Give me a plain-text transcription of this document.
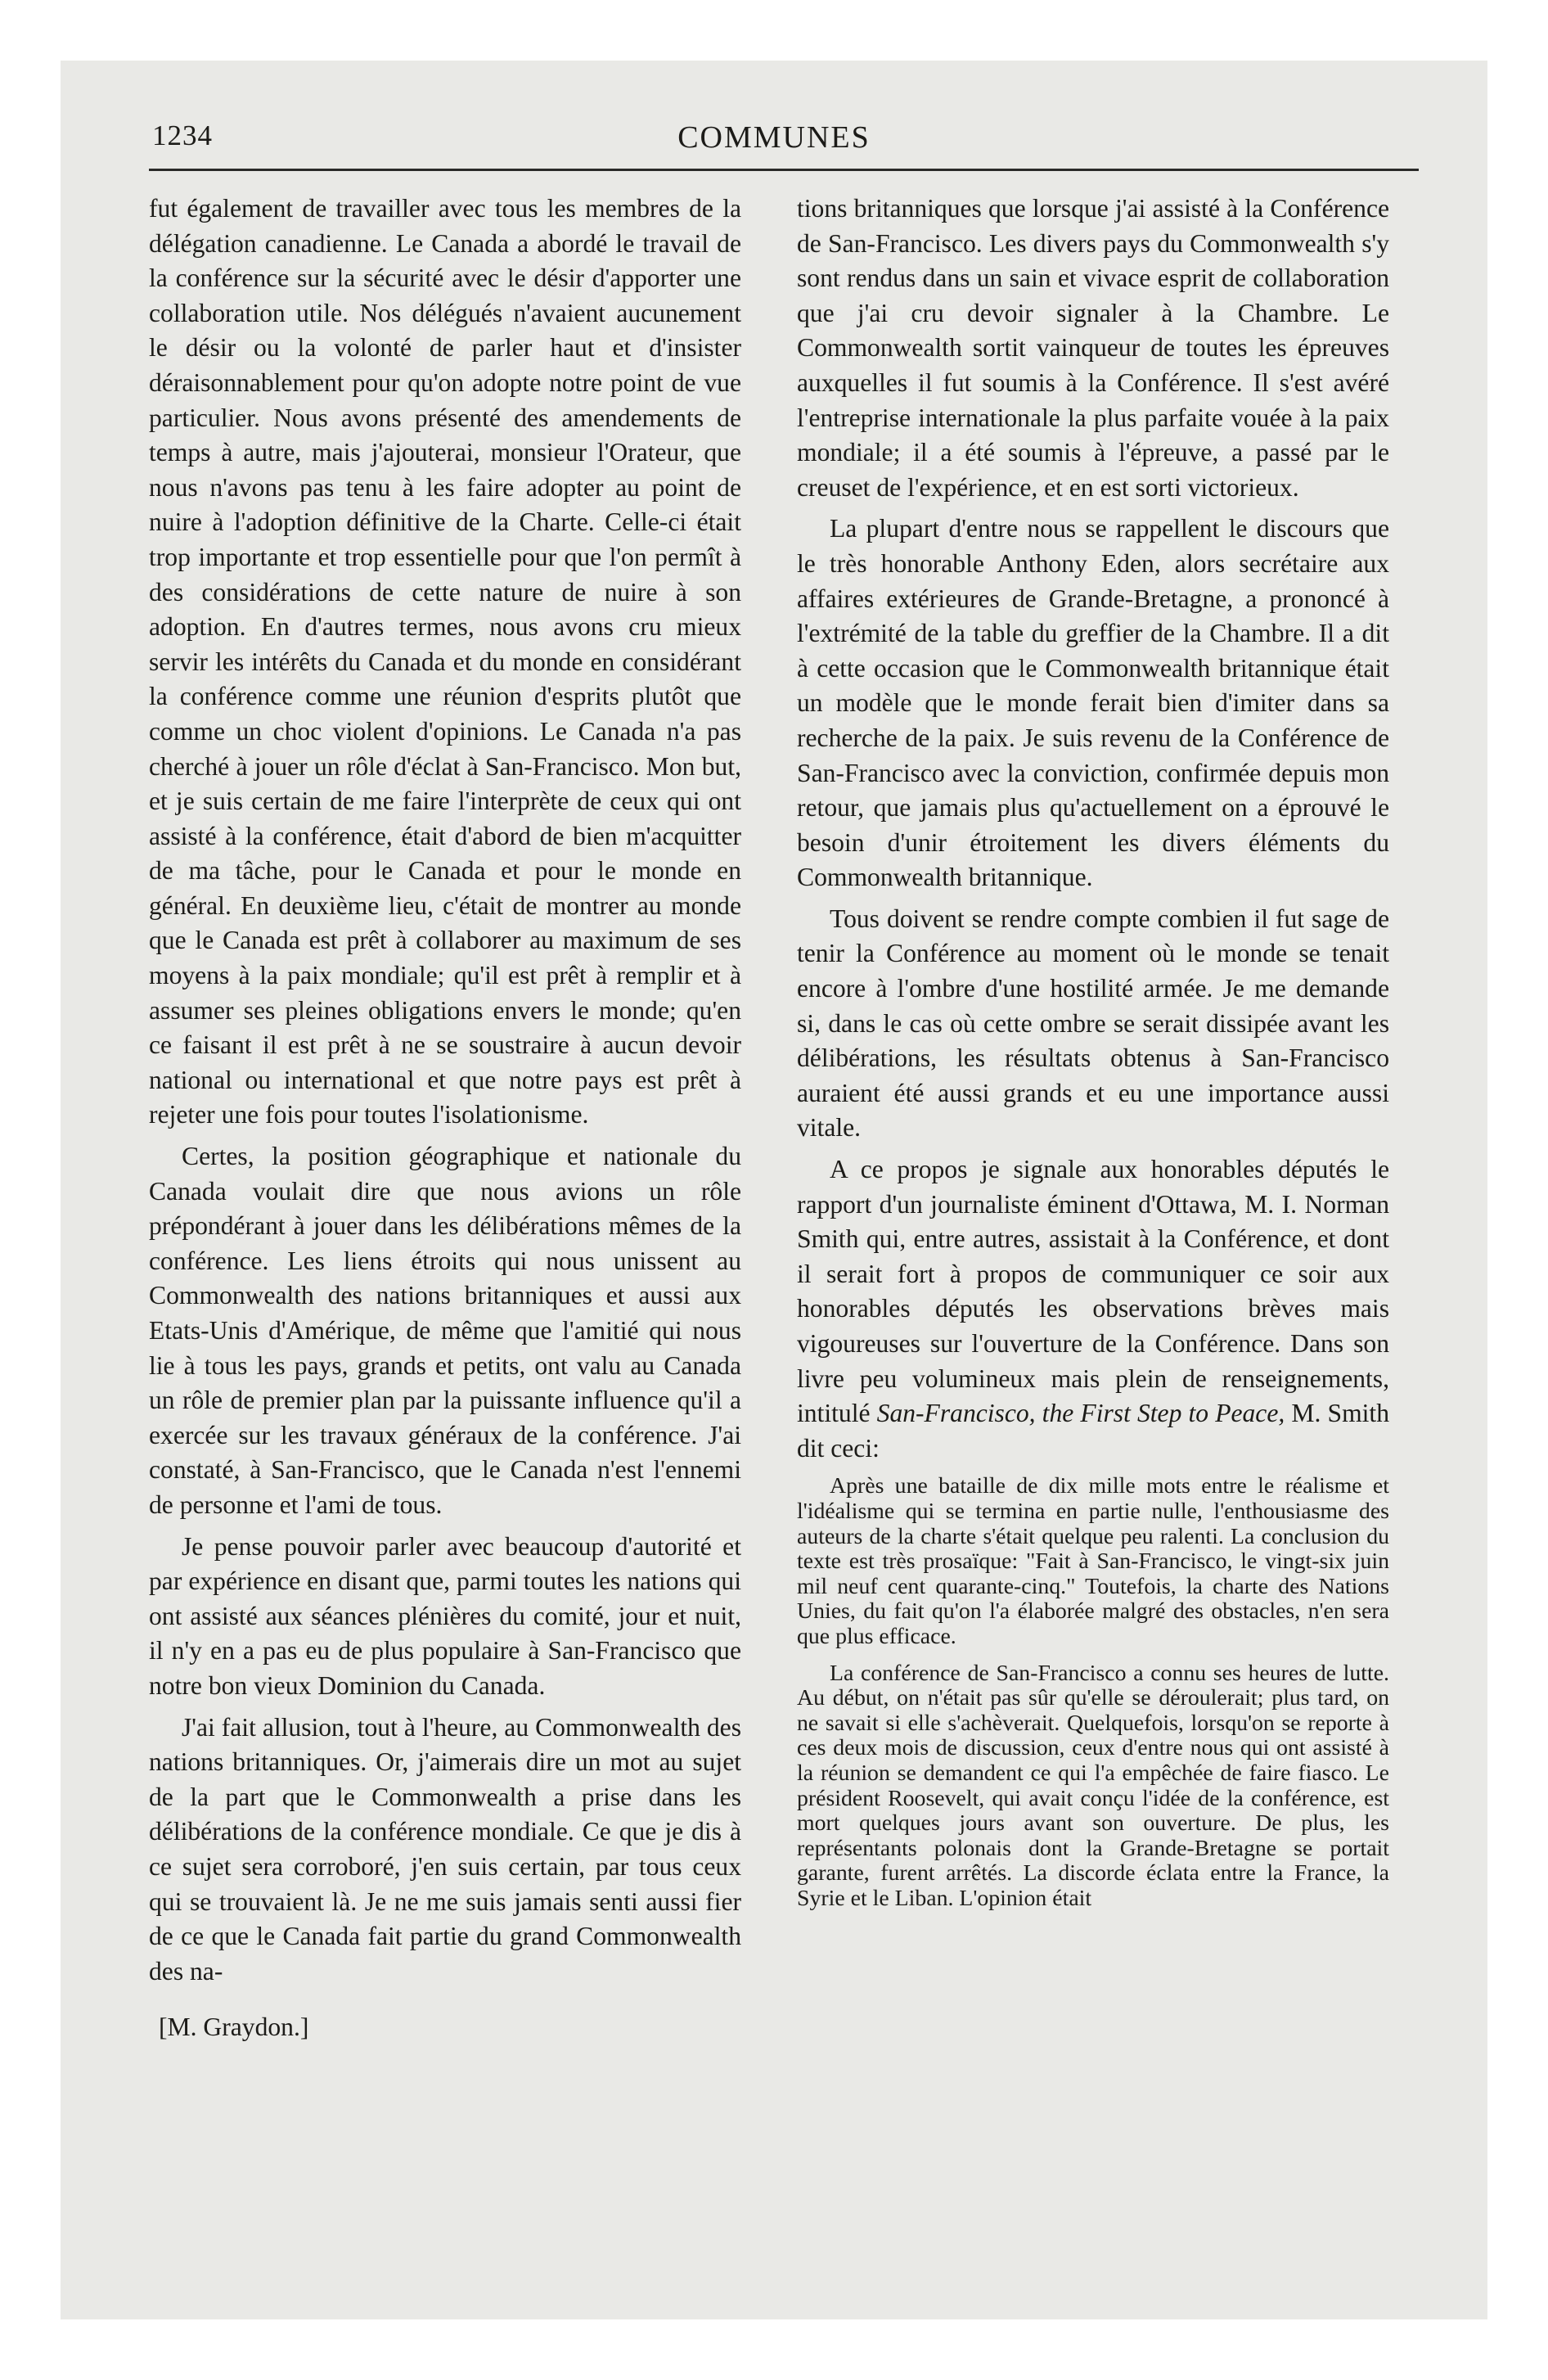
1234	COMMUNES

fut également de travailler avec tous les membres de la délégation canadienne. Le Canada a abordé le travail de la conférence sur la sécurité avec le désir d'apporter une collaboration utile. Nos délégués n'avaient aucunement le désir ou la volonté de parler haut et d'insister déraisonnablement pour qu'on adopte notre point de vue particulier. Nous avons présenté des amendements de temps à autre, mais j'ajouterai, monsieur l'Orateur, que nous n'avons pas tenu à les faire adopter au point de nuire à l'adoption définitive de la Charte. Celle-ci était trop importante et trop essentielle pour que l'on permît à des considérations de cette nature de nuire à son adoption. En d'autres termes, nous avons cru mieux servir les intérêts du Canada et du monde en considérant la conférence comme une réunion d'esprits plutôt que comme un choc violent d'opinions. Le Canada n'a pas cherché à jouer un rôle d'éclat à San-Francisco. Mon but, et je suis certain de me faire l'interprète de ceux qui ont assisté à la conférence, était d'abord de bien m'acquitter de ma tâche, pour le Canada et pour le monde en général. En deuxième lieu, c'était de montrer au monde que le Canada est prêt à collaborer au maximum de ses moyens à la paix mondiale; qu'il est prêt à remplir et à assumer ses pleines obligations envers le monde; qu'en ce faisant il est prêt à ne se soustraire à aucun devoir national ou international et que notre pays est prêt à rejeter une fois pour toutes l'isolationisme.

Certes, la position géographique et nationale du Canada voulait dire que nous avions un rôle prépondérant à jouer dans les délibérations mêmes de la conférence. Les liens étroits qui nous unissent au Commonwealth des nations britanniques et aussi aux Etats-Unis d'Amérique, de même que l'amitié qui nous lie à tous les pays, grands et petits, ont valu au Canada un rôle de premier plan par la puissante influence qu'il a exercée sur les travaux généraux de la conférence. J'ai constaté, à San-Francisco, que le Canada n'est l'ennemi de personne et l'ami de tous.

Je pense pouvoir parler avec beaucoup d'autorité et par expérience en disant que, parmi toutes les nations qui ont assisté aux séances plénières du comité, jour et nuit, il n'y en a pas eu de plus populaire à San-Francisco que notre bon vieux Dominion du Canada.

J'ai fait allusion, tout à l'heure, au Commonwealth des nations britanniques. Or, j'aimerais dire un mot au sujet de la part que le Commonwealth a prise dans les délibérations de la conférence mondiale. Ce que je dis à ce sujet sera corroboré, j'en suis certain, par tous ceux qui se trouvaient là. Je ne me suis jamais senti aussi fier de ce que le Canada fait partie du grand Commonwealth des na-

[M. Graydon.]

tions britanniques que lorsque j'ai assisté à la Conférence de San-Francisco. Les divers pays du Commonwealth s'y sont rendus dans un sain et vivace esprit de collaboration que j'ai cru devoir signaler à la Chambre. Le Commonwealth sortit vainqueur de toutes les épreuves auxquelles il fut soumis à la Conférence. Il s'est avéré l'entreprise internationale la plus parfaite vouée à la paix mondiale; il a été soumis à l'épreuve, a passé par le creuset de l'expérience, et en est sorti victorieux.

La plupart d'entre nous se rappellent le discours que le très honorable Anthony Eden, alors secrétaire aux affaires extérieures de Grande-Bretagne, a prononcé à l'extrémité de la table du greffier de la Chambre. Il a dit à cette occasion que le Commonwealth britannique était un modèle que le monde ferait bien d'imiter dans sa recherche de la paix. Je suis revenu de la Conférence de San-Francisco avec la conviction, confirmée depuis mon retour, que jamais plus qu'actuellement on a éprouvé le besoin d'unir étroitement les divers éléments du Commonwealth britannique.

Tous doivent se rendre compte combien il fut sage de tenir la Conférence au moment où le monde se tenait encore à l'ombre d'une hostilité armée. Je me demande si, dans le cas où cette ombre se serait dissipée avant les délibérations, les résultats obtenus à San-Francisco auraient été aussi grands et eu une importance aussi vitale.

A ce propos je signale aux honorables députés le rapport d'un journaliste éminent d'Ottawa, M. I. Norman Smith qui, entre autres, assistait à la Conférence, et dont il serait fort à propos de communiquer ce soir aux honorables députés les observations brèves mais vigoureuses sur l'ouverture de la Conférence. Dans son livre peu volumineux mais plein de renseignements, intitulé San-Francisco, the First Step to Peace, M. Smith dit ceci:

Après une bataille de dix mille mots entre le réalisme et l'idéalisme qui se termina en partie nulle, l'enthousiasme des auteurs de la charte s'était quelque peu ralenti. La conclusion du texte est très prosaïque: "Fait à San-Francisco, le vingt-six juin mil neuf cent quarante-cinq." Toutefois, la charte des Nations Unies, du fait qu'on l'a élaborée malgré des obstacles, n'en sera que plus efficace.

La conférence de San-Francisco a connu ses heures de lutte. Au début, on n'était pas sûr qu'elle se déroulerait; plus tard, on ne savait si elle s'achèverait. Quelquefois, lorsqu'on se reporte à ces deux mois de discussion, ceux d'entre nous qui ont assisté à la réunion se demandent ce qui l'a empêchée de faire fiasco. Le président Roosevelt, qui avait conçu l'idée de la conférence, est mort quelques jours avant son ouverture. De plus, les représentants polonais dont la Grande-Bretagne se portait garante, furent arrêtés. La discorde éclata entre la France, la Syrie et le Liban. L'opinion était
